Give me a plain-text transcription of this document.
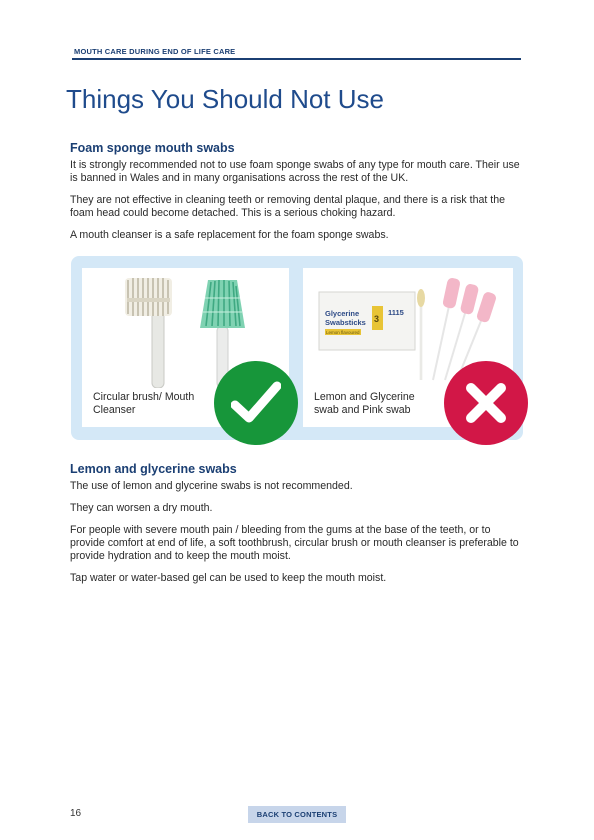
MOUTH CARE DURING END OF LIFE CARE
Things You Should Not Use
Foam sponge mouth swabs

It is strongly recommended not to use foam sponge swabs of any type for mouth care. Their use is banned in Wales and in many organisations across the rest of the UK.

They are not effective in cleaning teeth or removing dental plaque, and there is a risk that the foam head could become detached. This is a serious choking hazard.

A mouth cleanser is a safe replacement for the foam sponge swabs.

Circular brush/ Mouth Cleanser
Glycerine
Swabsticks
Lemon flavoured
3
1115
Lemon and Glycerine swab and Pink swab
Lemon and glycerine swabs

The use of lemon and glycerine swabs is not recommended.

They can worsen a dry mouth.

For people with severe mouth pain / bleeding from the gums at the base of the teeth, or to provide comfort at end of life, a soft toothbrush, circular brush or mouth cleanser is preferable to provide hydration and to keep the mouth moist.

Tap water or water-based gel can be used to keep the mouth moist.

16	BACK TO CONTENTS
